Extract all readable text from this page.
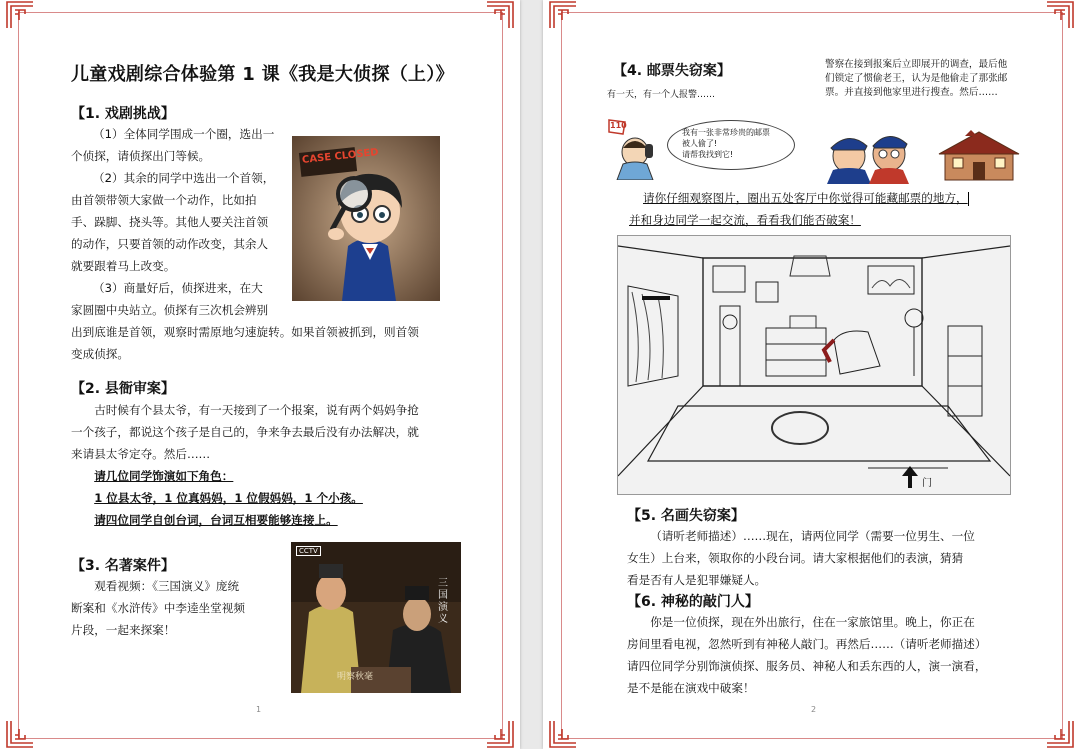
儿童戏剧综合体验第 1 课《我是大侦探（上）》
【1. 戏剧挑战】

（1）全体同学围成一个圈，选出一

个侦探，请侦探出门等候。

（2）其余的同学中选出一个首领，

由首领带领大家做一个动作，比如拍

手、跺脚、挠头等。其他人要关注首领

的动作，只要首领的动作改变，其余人

就要跟着马上改变。

（3）商量好后，侦探进来，在大

家圆圈中央站立。侦探有三次机会辨别

出到底谁是首领，观察时需原地匀速旋转。如果首领被抓到，则首领

变成侦探。

CASE CLOSED
【2. 县衙审案】

古时候有个县太爷，有一天接到了一个报案，说有两个妈妈争抢

一个孩子，都说这个孩子是自己的，争来争去最后没有办法解决，就

来请县太爷定夺。然后……

请几位同学饰演如下角色：

1 位县太爷，1 位真妈妈，1 位假妈妈，1 个小孩。

请四位同学自创台词，台词互相要能够连接上。

【3. 名著案件】

观看视频：《三国演义》庞统

断案和《水浒传》中李逵坐堂视频

片段，一起来探案！

CCTV
三国演义
明察秋毫
1
【4. 邮票失窃案】
有一天，有一个人报警……
警察在接到报案后立即展开的调查，最后他
们锁定了惯偷老王，认为是他偷走了那张邮
票。并直接到他家里进行搜查。然后……
110
我有一张非常珍贵的邮票
被人偷了!
请帮我找到它!
请你仔细观察图片，圈出五处客厅中你觉得可能藏邮票的地方，
并和身边同学一起交流，看看我们能否破案！
门
【5. 名画失窃案】

（请听老师描述）……现在，请两位同学（需要一位男生、一位

女生）上台来，领取你的小段台词。请大家根据他们的表演，猜猜

看是否有人是犯罪嫌疑人。

【6. 神秘的敲门人】

你是一位侦探，现在外出旅行，住在一家旅馆里。晚上，你正在

房间里看电视，忽然听到有神秘人敲门。再然后……（请听老师描述）

请四位同学分别饰演侦探、服务员、神秘人和丢东西的人，演一演看，

是不是能在演戏中破案！

2
